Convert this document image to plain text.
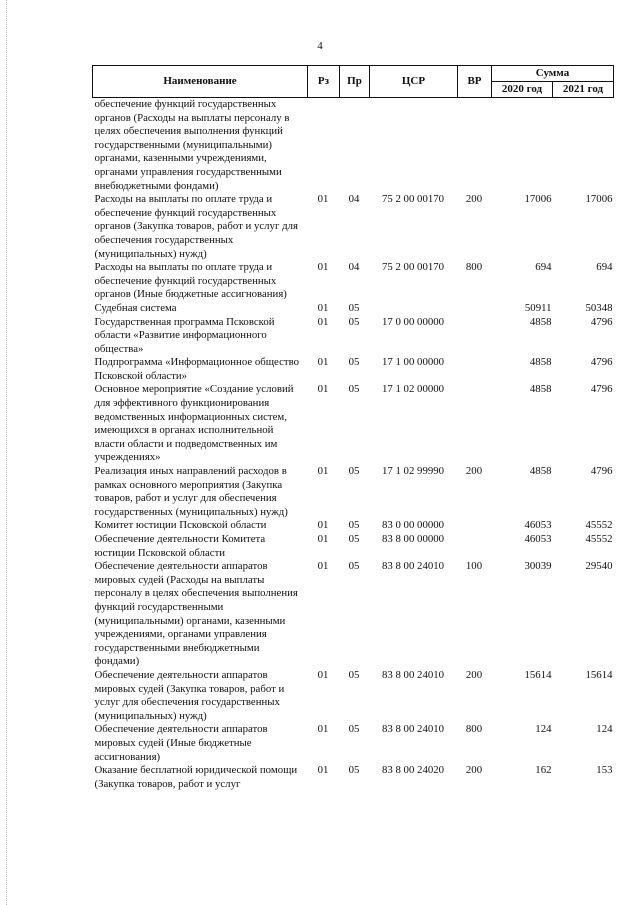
4
Наименование	Рз	Пр	ЦСР	ВР	Сумма	
					2020 год	2021 год
обеспечение функций государственных органов (Расходы на выплаты персоналу в целях обеспечения выполнения функций государственными (муниципальными) органами, казенными учреждениями, органами управления государственными внебюджетными фондами)						
Расходы на выплаты по оплате труда и обеспечение функций государственных органов (Закупка товаров, работ и услуг для обеспечения государственных (муниципальных) нужд)	01	04	75 2 00 00170	200	17006	17006
Расходы на выплаты по оплате труда и обеспечение функций государственных органов (Иные бюджетные ассигнования)	01	04	75 2 00 00170	800	694	694
Судебная система	01	05			50911	50348
Государственная программа Псковской области «Развитие информационного общества»	01	05	17 0 00 00000		4858	4796
Подпрограмма «Информационное общество Псковской области»	01	05	17 1 00 00000		4858	4796
Основное мероприятие «Создание условий для эффективного функционирования ведомственных информационных систем, имеющихся в органах исполнительной власти области и подведомственных им учреждениях»	01	05	17 1 02 00000		4858	4796
Реализация иных направлений расходов в рамках основного мероприятия (Закупка товаров, работ и услуг для обеспечения государственных (муниципальных) нужд)	01	05	17 1 02 99990	200	4858	4796
Комитет юстиции Псковской области	01	05	83 0 00 00000		46053	45552
Обеспечение деятельности Комитета юстиции Псковской области	01	05	83 8 00 00000		46053	45552
Обеспечение деятельности аппаратов мировых судей (Расходы на выплаты персоналу в целях обеспечения выполнения функций государственными (муниципальными) органами, казенными учреждениями, органами управления государственными внебюджетными фондами)	01	05	83 8 00 24010	100	30039	29540
Обеспечение деятельности аппаратов мировых судей (Закупка товаров, работ и услуг для обеспечения государственных (муниципальных) нужд)	01	05	83 8 00 24010	200	15614	15614
Обеспечение деятельности аппаратов мировых судей (Иные бюджетные ассигнования)	01	05	83 8 00 24010	800	124	124
Оказание бесплатной юридической помощи (Закупка товаров, работ и услуг	01	05	83 8 00 24020	200	162	153
